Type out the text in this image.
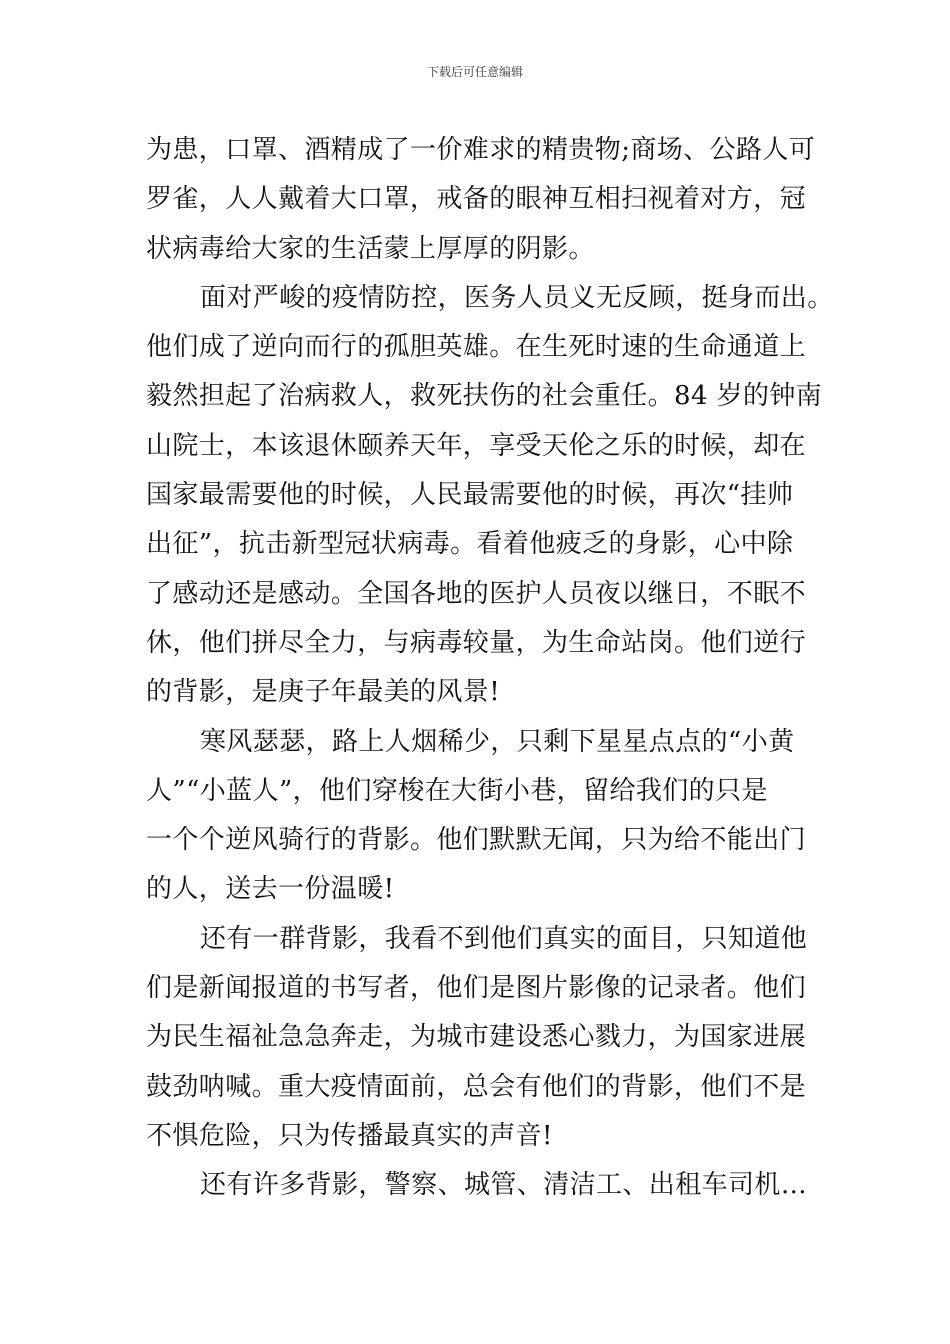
下载后可任意编辑
为患，口罩、酒精成了一价难求的精贵物;商场、公路人可
罗雀，人人戴着大口罩，戒备的眼神互相扫视着对方，冠
状病毒给大家的生活蒙上厚厚的阴影。
面对严峻的疫情防控，医务人员义无反顾，挺身而出。
他们成了逆向而行的孤胆英雄。在生死时速的生命通道上
毅然担起了治病救人，救死扶伤的社会重任。84 岁的钟南
山院士，本该退休颐养天年，享受天伦之乐的时候，却在
国家最需要他的时候，人民最需要他的时候，再次“挂帅
出征”，抗击新型冠状病毒。看着他疲乏的身影，心中除
了感动还是感动。全国各地的医护人员夜以继日，不眠不
休，他们拼尽全力，与病毒较量，为生命站岗。他们逆行
的背影，是庚子年最美的风景!
寒风瑟瑟，路上人烟稀少，只剩下星星点点的“小黄
人”“小蓝人”，他们穿梭在大街小巷，留给我们的只是
一个个逆风骑行的背影。他们默默无闻，只为给不能出门
的人，送去一份温暖!
还有一群背影，我看不到他们真实的面目，只知道他
们是新闻报道的书写者，他们是图片影像的记录者。他们
为民生福祉急急奔走，为城市建设悉心戮力，为国家进展
鼓劲呐喊。重大疫情面前，总会有他们的背影，他们不是
不惧危险，只为传播最真实的声音!
还有许多背影，警察、城管、清洁工、出租车司机…
